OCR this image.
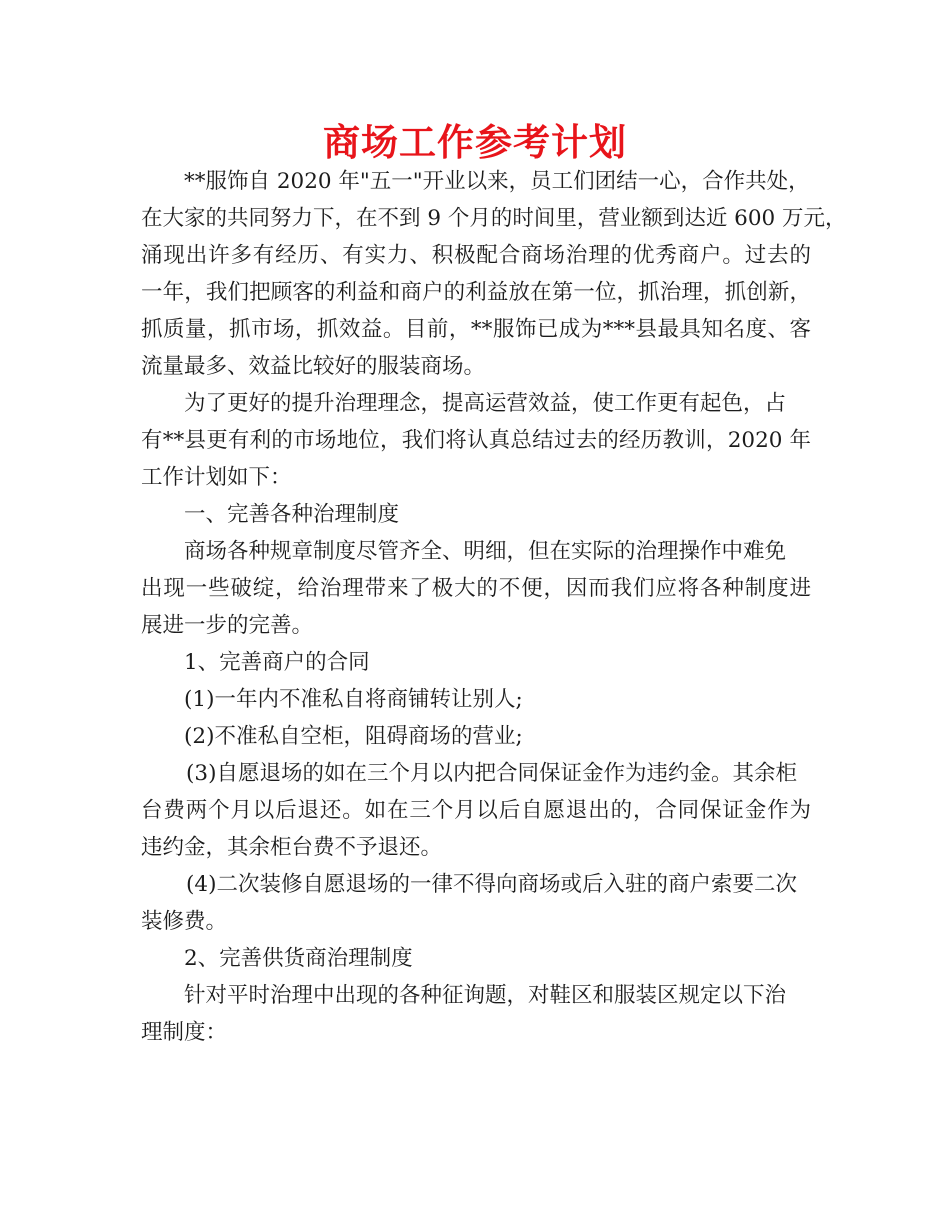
商场工作参考计划
**服饰自 2020 年"五一"开业以来，员工们团结一心，合作共处，
在大家的共同努力下，在不到 9 个月的时间里，营业额到达近 600 万元，
涌现出许多有经历、有实力、积极配合商场治理的优秀商户。过去的
一年，我们把顾客的利益和商户的利益放在第一位，抓治理，抓创新，
抓质量，抓市场，抓效益。目前，**服饰已成为***县最具知名度、客
流量最多、效益比较好的服装商场。
为了更好的提升治理理念，提高运营效益，使工作更有起色，占
有**县更有利的市场地位，我们将认真总结过去的经历教训，2020 年
工作计划如下：
一、完善各种治理制度
商场各种规章制度尽管齐全、明细，但在实际的治理操作中难免
出现一些破绽，给治理带来了极大的不便，因而我们应将各种制度进
展进一步的完善。
1、完善商户的合同
(1)一年内不准私自将商铺转让别人;
(2)不准私自空柜，阻碍商场的营业;
(3)自愿退场的如在三个月以内把合同保证金作为违约金。其余柜
台费两个月以后退还。如在三个月以后自愿退出的，合同保证金作为
违约金，其余柜台费不予退还。
(4)二次装修自愿退场的一律不得向商场或后入驻的商户索要二次
装修费。
2、完善供货商治理制度
针对平时治理中出现的各种征询题，对鞋区和服装区规定以下治
理制度：
